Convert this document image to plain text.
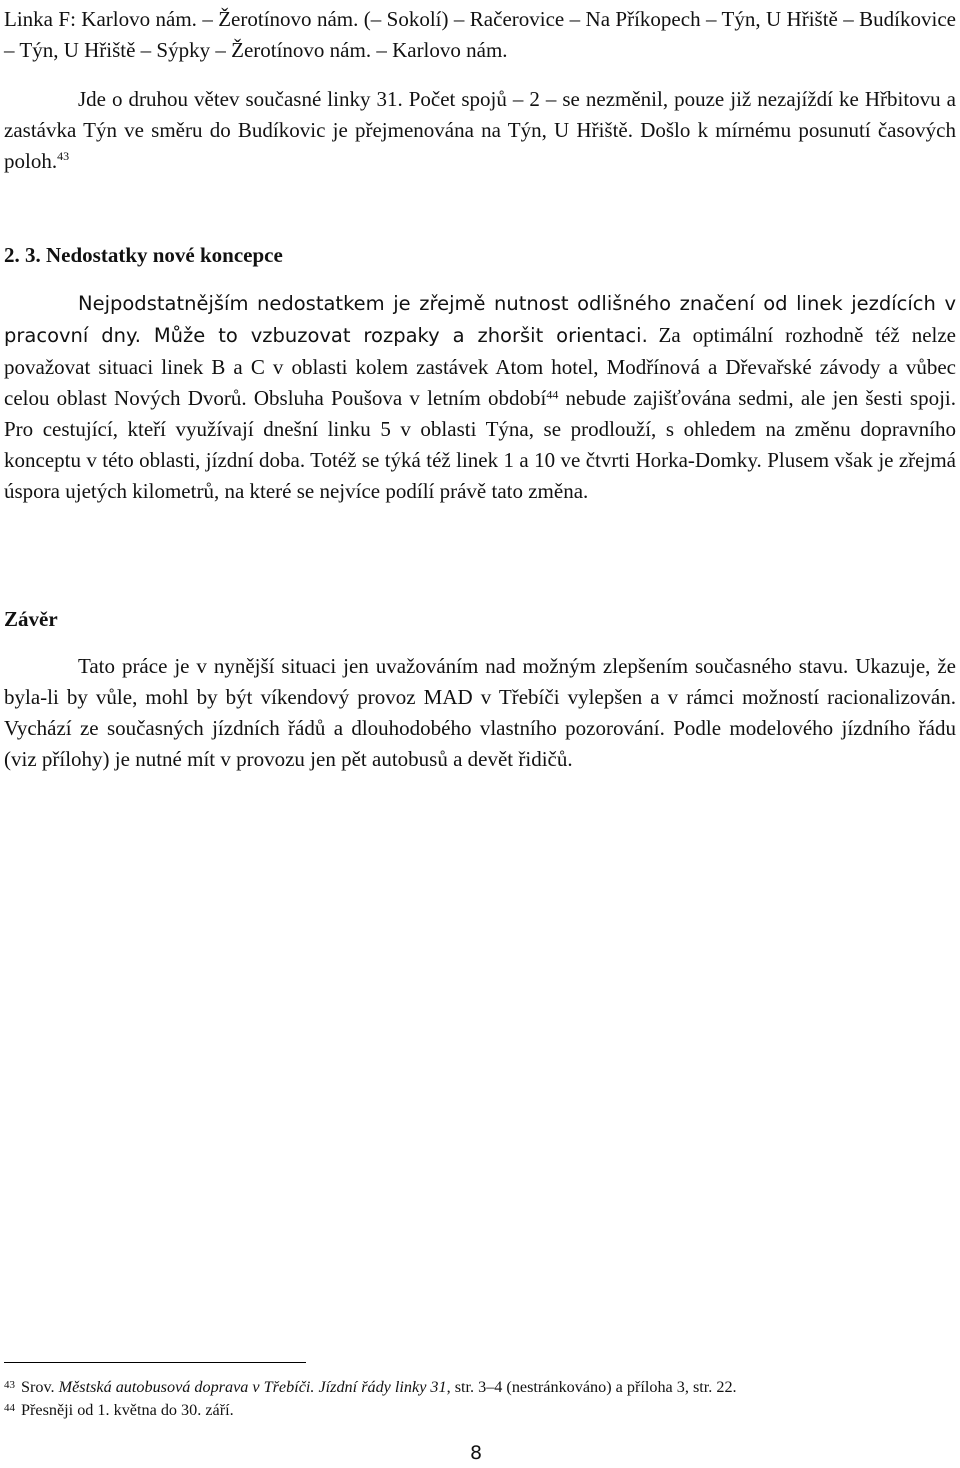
Linka F: Karlovo nám. – Žerotínovo nám. (– Sokolí) – Račerovice – Na Příkopech – Týn, U Hřiště – Budíkovice – Týn, U Hřiště – Sýpky – Žerotínovo nám. – Karlovo nám.

Jde o druhou větev současné linky 31. Počet spojů – 2 – se nezměnil, pouze již nezajíždí ke Hřbitovu a zastávka Týn ve směru do Budíkovic je přejmenována na Týn, U Hřiště. Došlo k mírnému posunutí časových poloh.$^{43}$

2. 3. Nedostatky nové koncepce

Nejpodstatnějším nedostatkem je zřejmě nutnost odlišného značení od linek jezdících v pracovní dny. Může to vzbuzovat rozpaky a zhoršit orientaci. Za optimální rozhodně též nelze považovat situaci linek B a C v oblasti kolem zastávek Atom hotel, Modřínová a Dřevařské závody a vůbec celou oblast Nových Dvorů. Obsluha Poušova v letním období$^{44}$ nebude zajišťována sedmi, ale jen šesti spoji. Pro cestující, kteří využívají dnešní linku 5 v oblasti Týna, se prodlouží, s ohledem na změnu dopravního konceptu v této oblasti, jízdní doba. Totéž se týká též linek 1 a 10 ve čtvrti Horka-Domky. Plusem však je zřejmá úspora ujetých kilometrů, na které se nejvíce podílí právě tato změna.

Závěr

Tato práce je v nynější situaci jen uvažováním nad možným zlepšením současného stavu. Ukazuje, že byla-li by vůle, mohl by být víkendový provoz MAD v Třebíči vylepšen a v rámci možností racionalizován. Vychází ze současných jízdních řádů a dlouhodobého vlastního pozorování. Podle modelového jízdního řádu (viz přílohy) je nutné mít v provozu jen pět autobusů a devět řidičů.

$^{43}$ Srov. Městská autobusová doprava v Třebíči. Jízdní řády linky 31, str. 3–4 (nestránkováno) a příloha 3, str. 22.

$^{44}$ Přesněji od 1. května do 30. září.

8
